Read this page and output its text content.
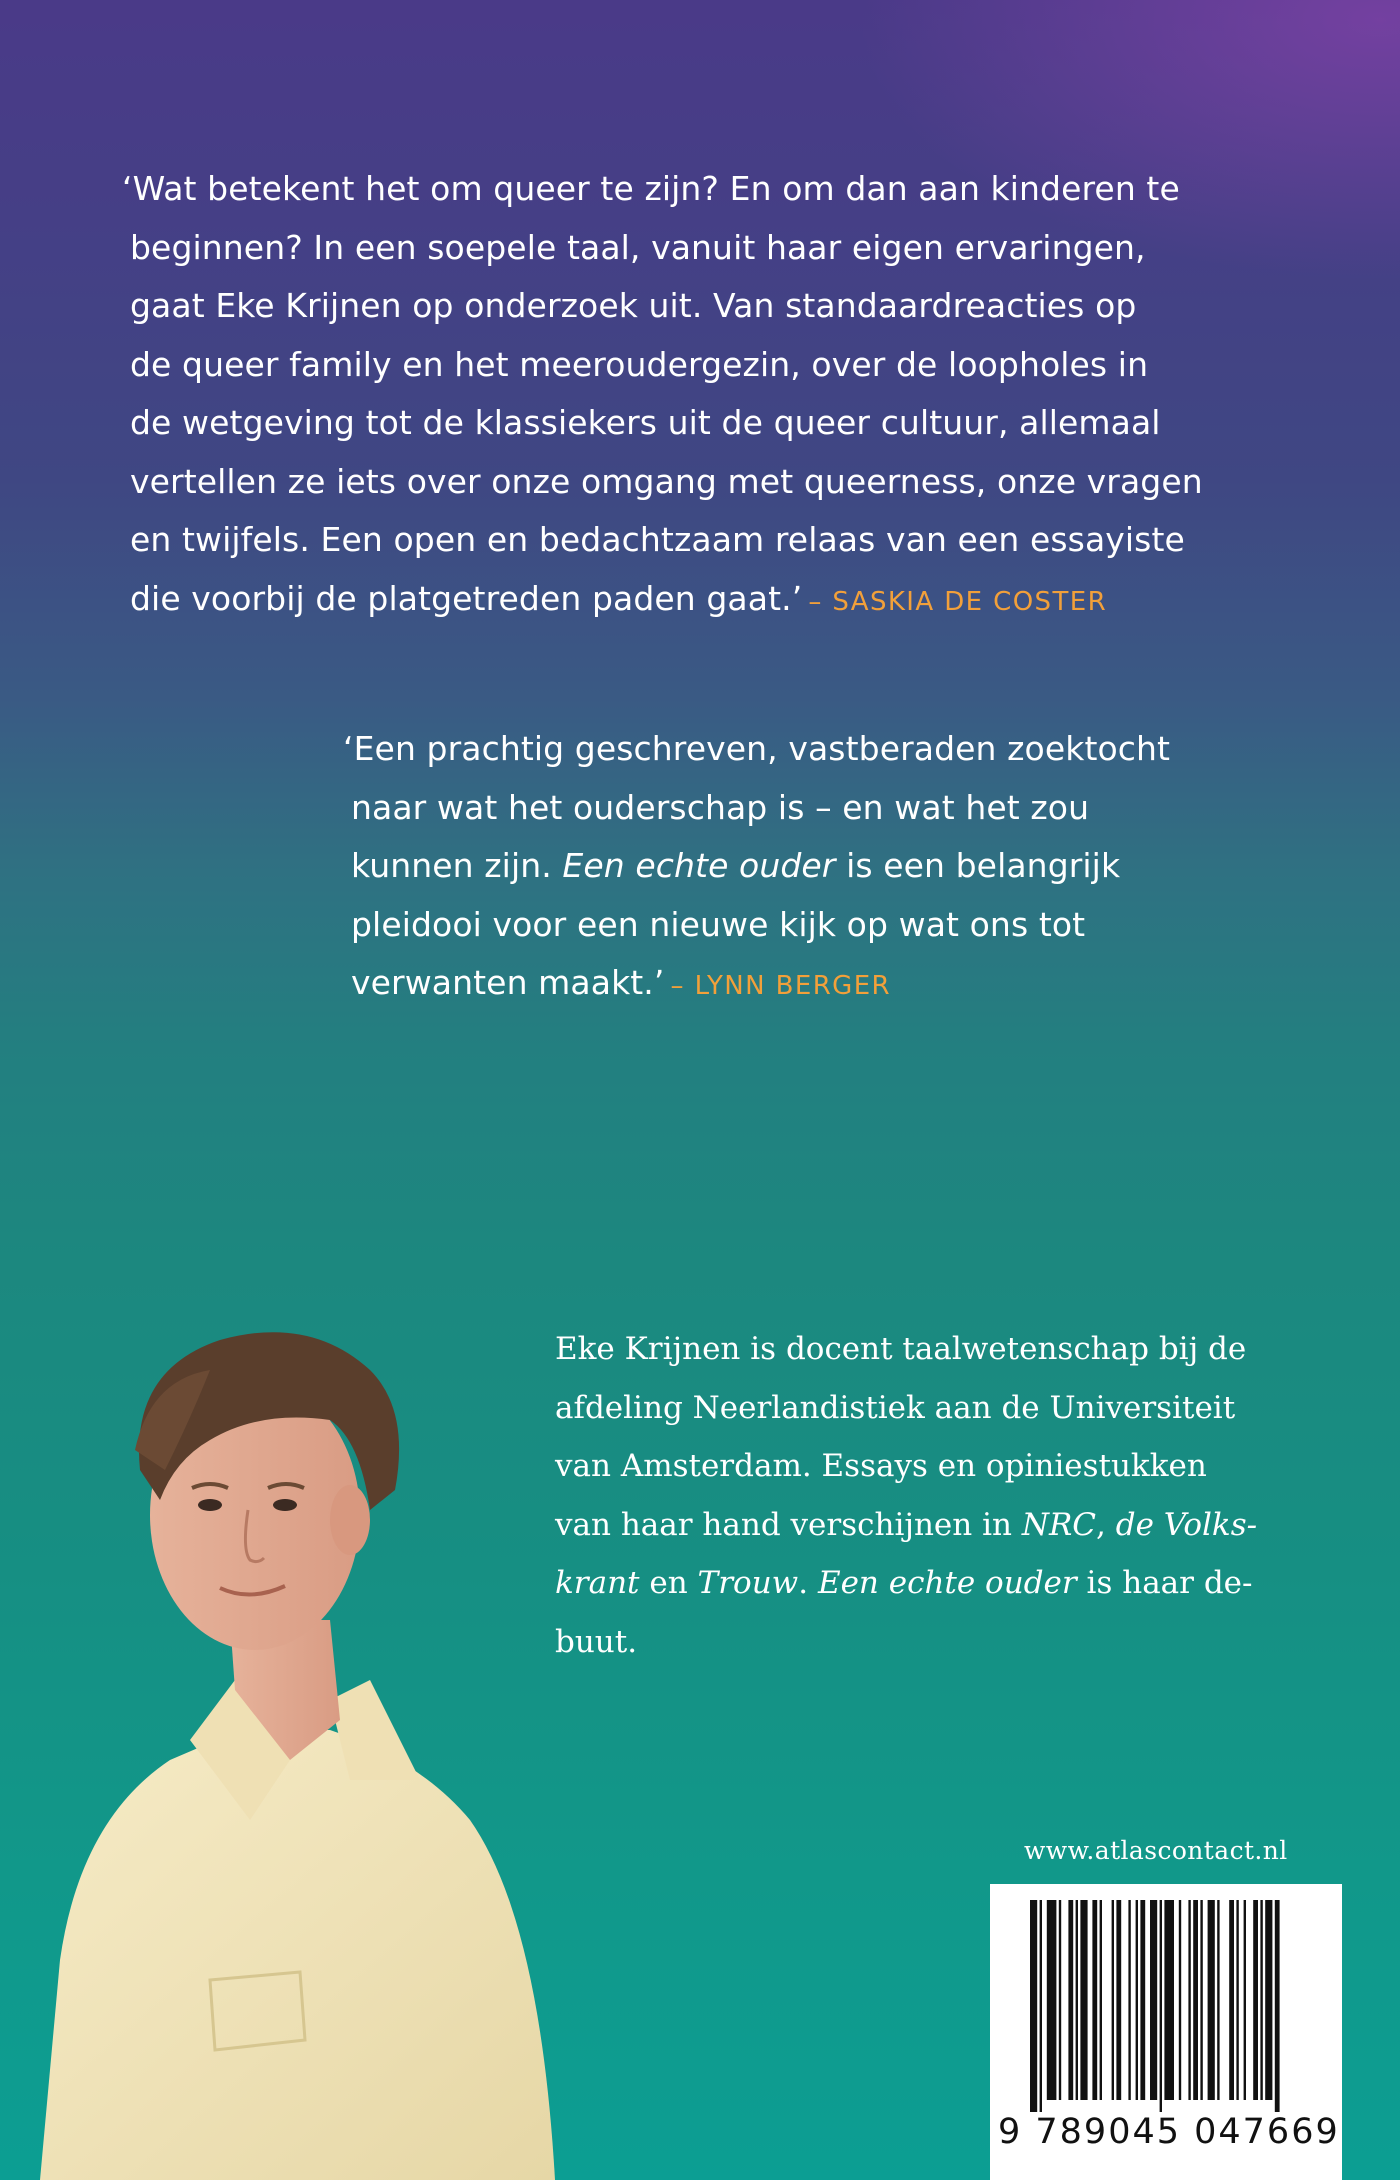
‘Wat betekent het om queer te zijn? En om dan aan kinderen te
beginnen? In een soepele taal, vanuit haar eigen ervaringen,
gaat Eke Krijnen op onderzoek uit. Van standaardreacties op
de queer family en het meeroudergezin, over de loopholes in
de wetgeving tot de klassiekers uit de queer cultuur, allemaal
vertellen ze iets over onze omgang met queerness, onze vragen
en twijfels. Een open en bedachtzaam relaas van een essayiste
die voorbij de platgetreden paden gaat.’ – SASKIA DE COSTER
‘Een prachtig geschreven, vastberaden zoektocht
naar wat het ouderschap is – en wat het zou
kunnen zijn. Een echte ouder is een belangrijk
pleidooi voor een nieuwe kijk op wat ons tot
verwanten maakt.’ – LYNN BERGER
Eke Krijnen is docent taalwetenschap bij de
afdeling Neerlandistiek aan de Universiteit
van Amsterdam. Essays en opiniestukken
van haar hand verschijnen in NRC, de Volks-
krant en Trouw. Een echte ouder is haar de-
buut.
www.atlascontact.nl
9 789045 047669
